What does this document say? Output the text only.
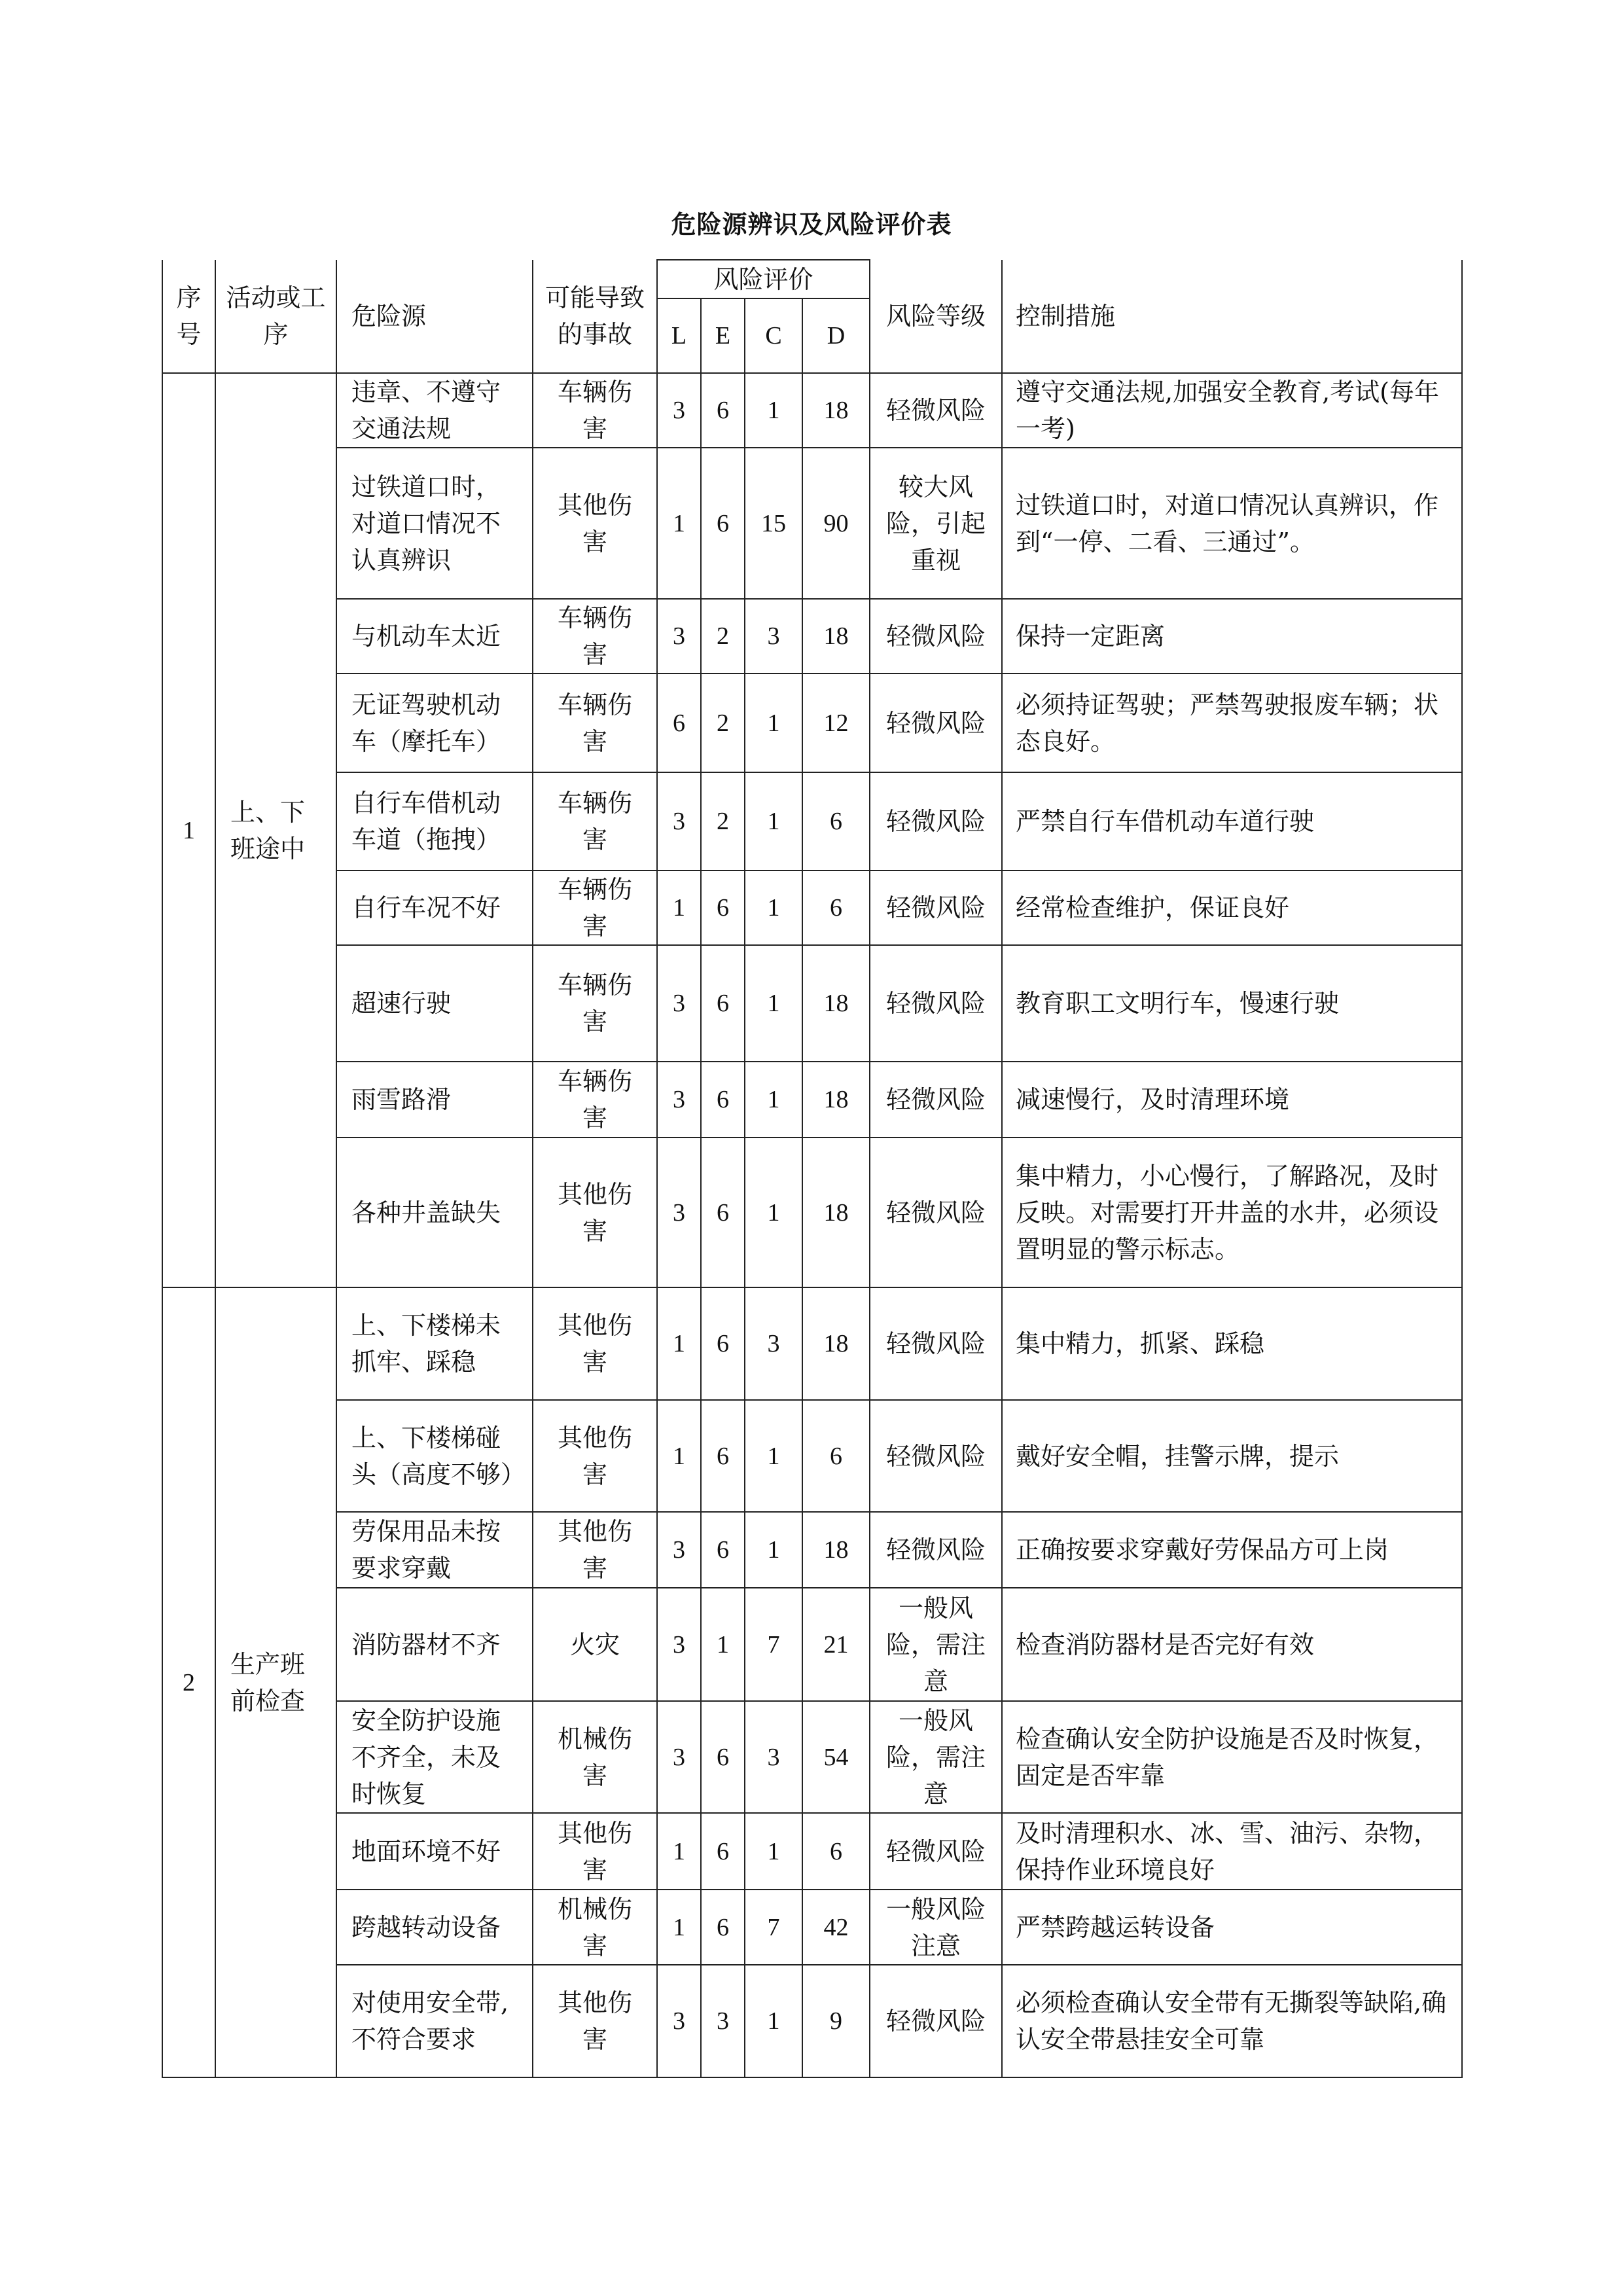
危险源辨识及风险评价表
序号	活动或工序	危险源	可能导致的事故	风险评价				风险等级	控制措施
				L	E	C	D		
1	上、下班途中	违章、不遵守交通法规	车辆伤害	3	6	1	18	轻微风险	遵守交通法规,加强安全教育,考试(每年一考)
		过铁道口时，对道口情况不认真辨识	其他伤害	1	6	15	90	较大风险，引起重视	过铁道口时，对道口情况认真辨识，作到“一停、二看、三通过”。
		与机动车太近	车辆伤害	3	2	3	18	轻微风险	保持一定距离
		无证驾驶机动车（摩托车）	车辆伤害	6	2	1	12	轻微风险	必须持证驾驶；严禁驾驶报废车辆；状态良好。
		自行车借机动车道（拖拽）	车辆伤害	3	2	1	6	轻微风险	严禁自行车借机动车道行驶
		自行车况不好	车辆伤害	1	6	1	6	轻微风险	经常检查维护，保证良好
		超速行驶	车辆伤害	3	6	1	18	轻微风险	教育职工文明行车，慢速行驶
		雨雪路滑	车辆伤害	3	6	1	18	轻微风险	减速慢行，及时清理环境
		各种井盖缺失	其他伤害	3	6	1	18	轻微风险	集中精力，小心慢行，了解路况，及时反映。对需要打开井盖的水井，必须设置明显的警示标志。
2	生产班前检查	上、下楼梯未抓牢、踩稳	其他伤害	1	6	3	18	轻微风险	集中精力，抓紧、踩稳
		上、下楼梯碰头（高度不够）	其他伤害	1	6	1	6	轻微风险	戴好安全帽，挂警示牌，提示
		劳保用品未按要求穿戴	其他伤害	3	6	1	18	轻微风险	正确按要求穿戴好劳保品方可上岗
		消防器材不齐	火灾	3	1	7	21	一般风险，需注意	检查消防器材是否完好有效
		安全防护设施不齐全，未及时恢复	机械伤害	3	6	3	54	一般风险，需注意	检查确认安全防护设施是否及时恢复，固定是否牢靠
		地面环境不好	其他伤害	1	6	1	6	轻微风险	及时清理积水、冰、雪、油污、杂物，保持作业环境良好
		跨越转动设备	机械伤害	1	6	7	42	一般风险注意	严禁跨越运转设备
		对使用安全带,不符合要求	其他伤害	3	3	1	9	轻微风险	必须检查确认安全带有无撕裂等缺陷,确认安全带悬挂安全可靠
